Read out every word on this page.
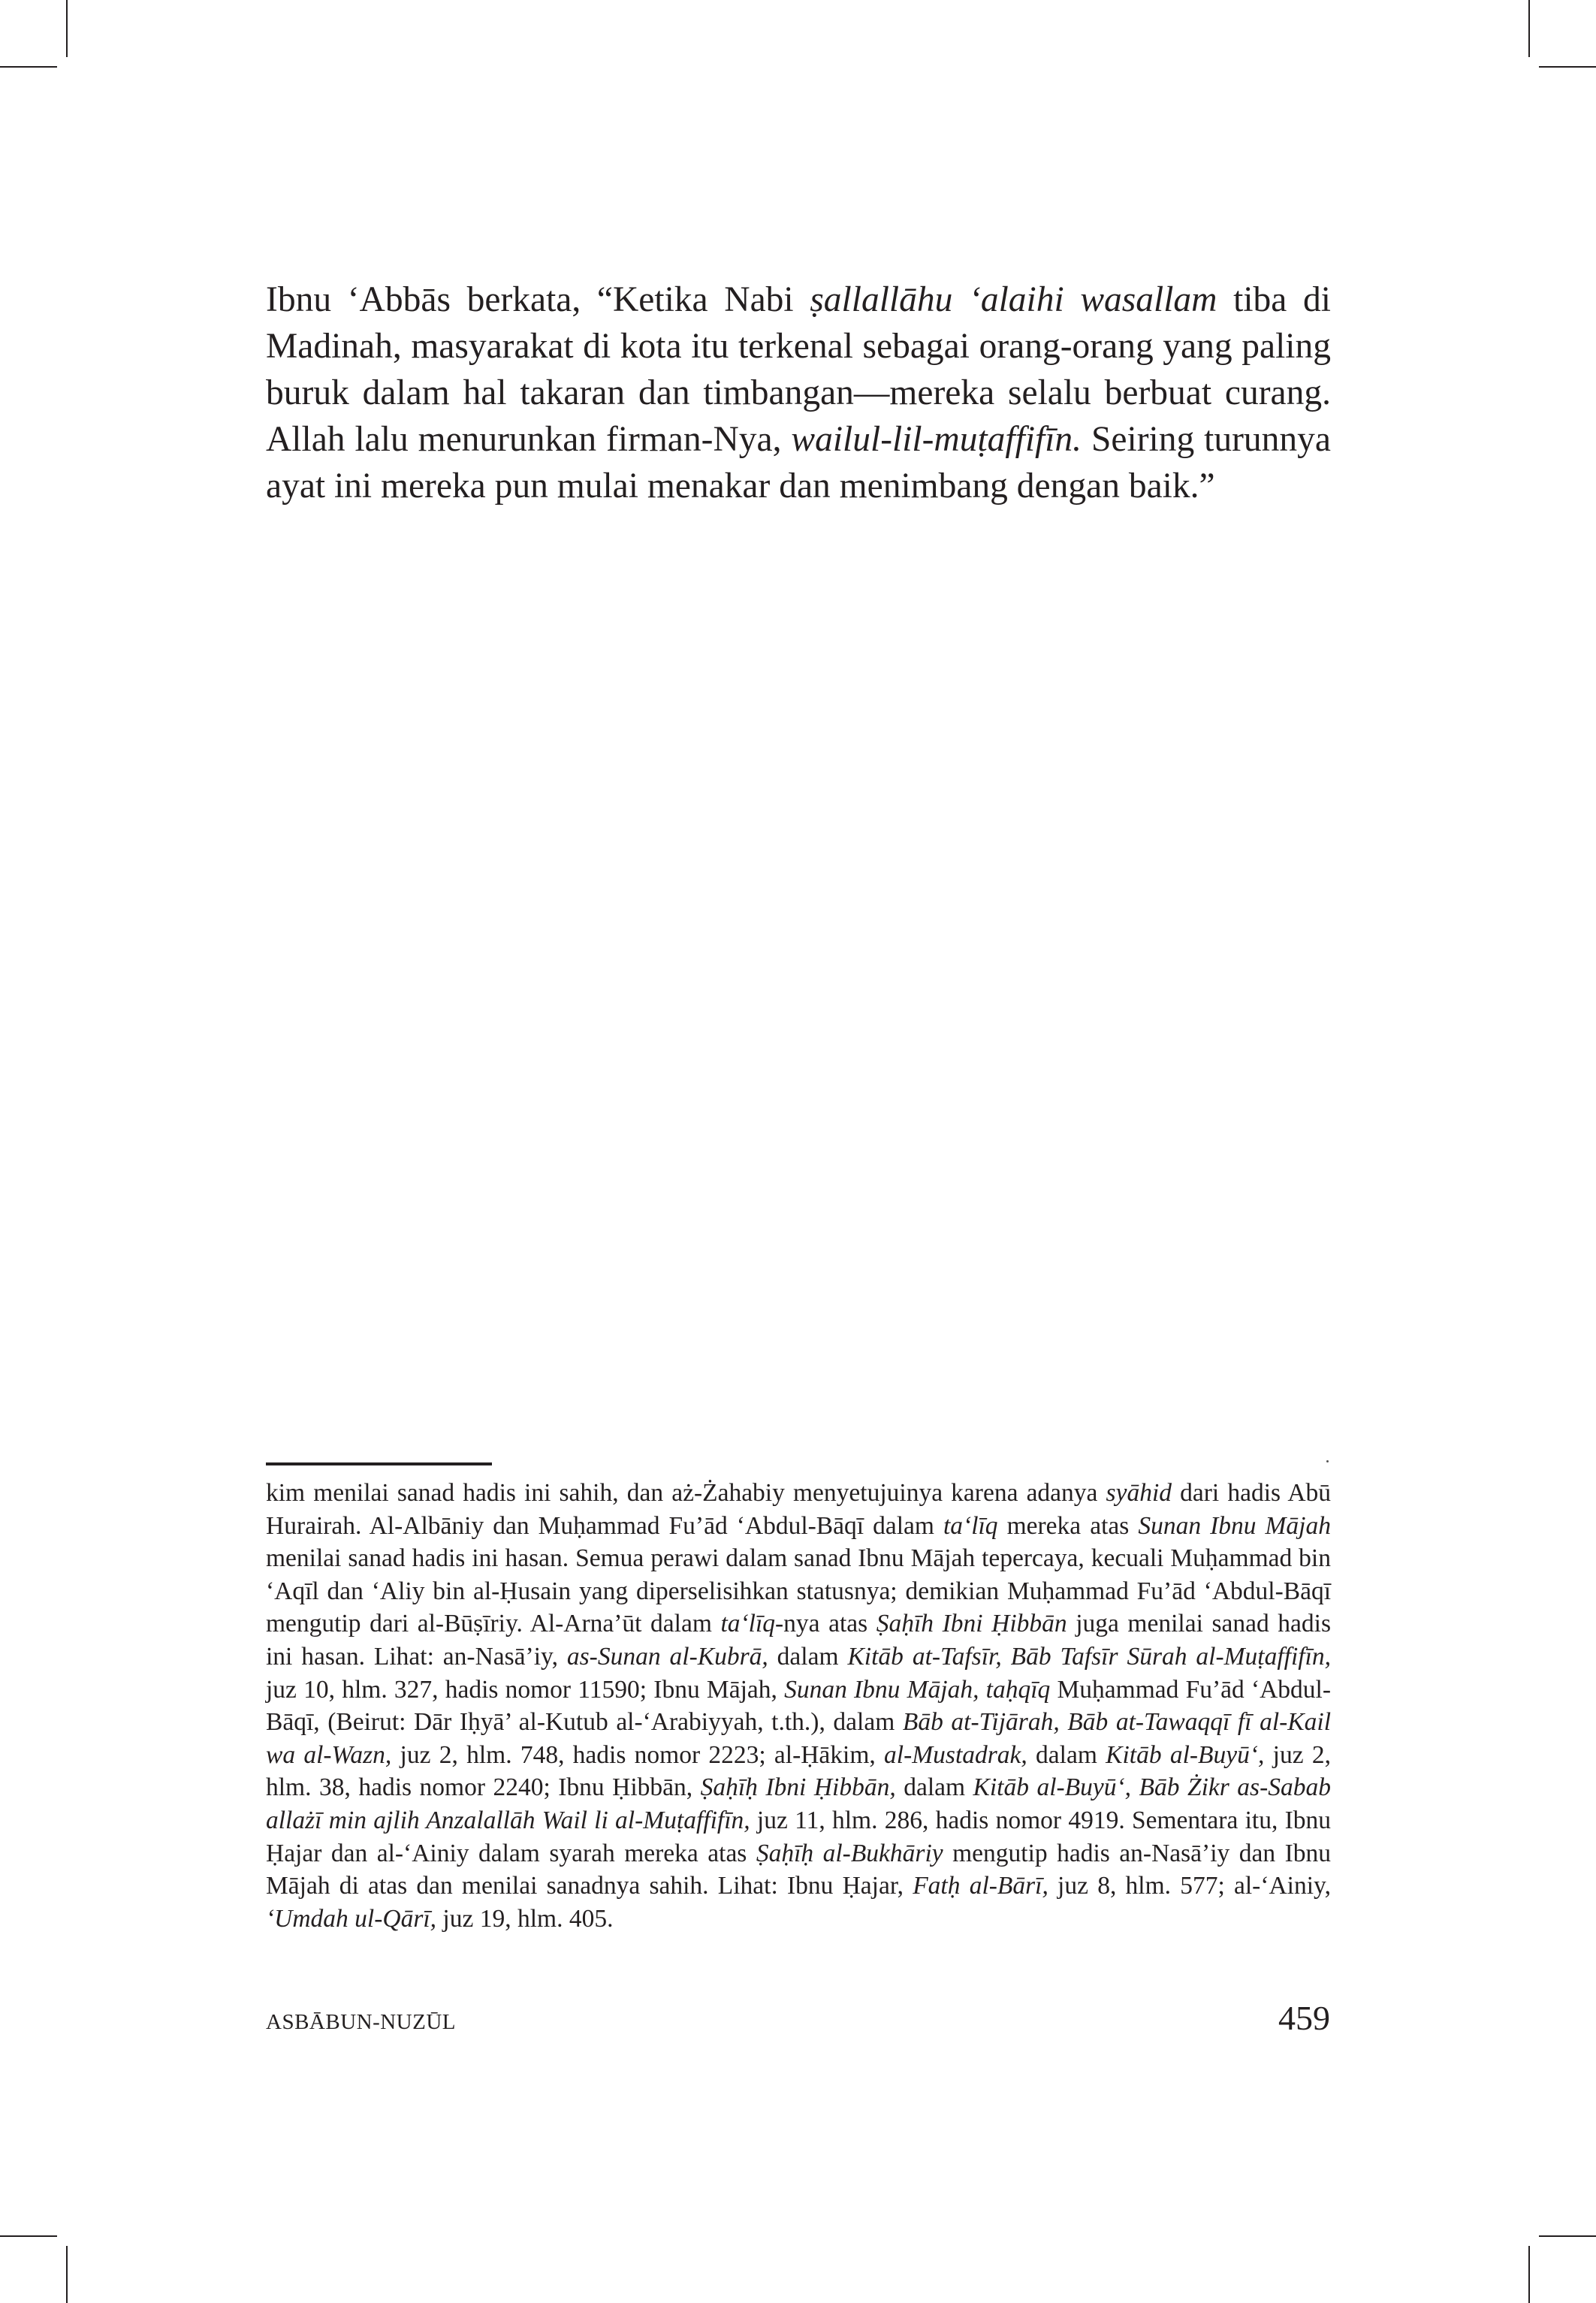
Ibnu ʻAbbās berkata, “Ketika Nabi ṣallallāhu ʻalaihi wasallam tiba di Madinah, masyarakat di kota itu terkenal sebagai orang-orang yang paling buruk dalam hal takaran dan timbangan—mereka selalu berbuat curang. Allah lalu menurunkan firman-Nya, wailul-lil-muṭaffifīn. Seiring turunnya ayat ini mereka pun mulai menakar dan menimbang dengan baik.”

kim menilai sanad hadis ini sahih, dan aż-Żahabiy menyetujuinya karena adanya syāhid dari hadis Abū Hurairah. Al-Albāniy dan Muḥammad Fu’ād ʻAbdul-Bāqī dalam ta‘līq mereka atas Sunan Ibnu Mājah menilai sanad hadis ini hasan. Semua perawi dalam sanad Ibnu Mājah tepercaya, kecuali Muḥammad bin ʻAqīl dan ʻAliy bin al-Ḥusain yang diperselisihkan statusnya; demikian Muḥammad Fu’ād ʻAbdul-Bāqī mengutip dari al-Būṣīriy. Al-Arna’ūt dalam ta‘līq-nya atas Ṣaḥīh Ibni Ḥibbān juga menilai sanad hadis ini hasan. Lihat: an-Nasā’iy, as-Sunan al-Kubrā, dalam Kitāb at-Tafsīr, Bāb Tafsīr Sūrah al-Muṭaffifīn, juz 10, hlm. 327, hadis nomor 11590; Ibnu Mājah, Sunan Ibnu Mājah, taḥqīq Muḥammad Fu’ād ʻAbdul-Bāqī, (Beirut: Dār Iḥyā’ al-Kutub al-ʻArabiyyah, t.th.), dalam Bāb at-Tijārah, Bāb at-Tawaqqī fī al-Kail wa al-Wazn, juz 2, hlm. 748, hadis nomor 2223; al-Ḥākim, al-Mustadrak, dalam Kitāb al-Buyū‘, juz 2, hlm. 38, hadis nomor 2240; Ibnu Ḥibbān, Ṣaḥīḥ Ibni Ḥibbān, dalam Kitāb al-Buyū‘, Bāb Żikr as-Sabab allażī min ajlih Anzalallāh Wail li al-Muṭaffifīn, juz 11, hlm. 286, hadis nomor 4919. Sementara itu, Ibnu Ḥajar dan al-ʻAiniy dalam syarah mereka atas Ṣaḥīḥ al-Bukhāriy mengutip hadis an-Nasā’iy dan Ibnu Mājah di atas dan menilai sanadnya sahih. Lihat: Ibnu Ḥajar, Fatḥ al-Bārī, juz 8, hlm. 577; al-ʻAiniy, ʻUmdah ul-Qārī, juz 19, hlm. 405.

ASBĀBUN-NUZŪL	459
